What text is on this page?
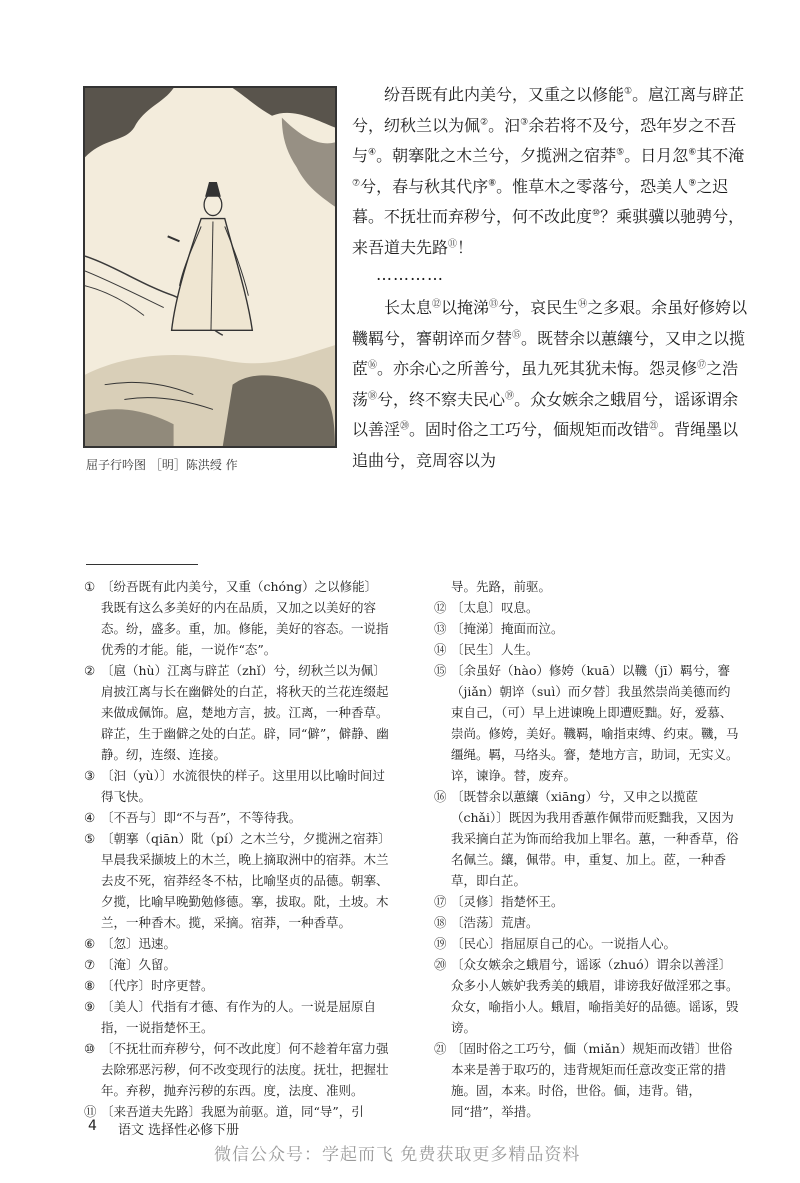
屈子行吟图 ［明］陈洪绶 作

纷吾既有此内美兮，又重之以修能①。扈江离与辟芷兮，纫秋兰以为佩②。汩③余若将不及兮，恐年岁之不吾与④。朝搴阰之木兰兮，夕揽洲之宿莽⑤。日月忽⑥其不淹⑦兮，春与秋其代序⑧。惟草木之零落兮，恐美人⑨之迟暮。不抚壮而弃秽兮，何不改此度⑩？乘骐骥以驰骋兮，来吾道夫先路⑪！

…………

长太息⑫以掩涕⑬兮，哀民生⑭之多艰。余虽好修姱以鞿羁兮，謇朝谇而夕替⑮。既替余以蕙纕兮，又申之以揽茝⑯。亦余心之所善兮，虽九死其犹未悔。怨灵修⑰之浩荡⑱兮，终不察夫民心⑲。众女嫉余之蛾眉兮，谣诼谓余以善淫⑳。固时俗之工巧兮，偭规矩而改错$^㉑$。背绳墨以追曲兮，竞周容以为

① 〔纷吾既有此内美兮，又重（chóng）之以修能〕我既有这么多美好的内在品质，又加之以美好的容态。纷，盛多。重，加。修能，美好的容态。一说指优秀的才能。能，一说作“态”。

② 〔扈（hù）江离与辟芷（zhǐ）兮，纫秋兰以为佩〕肩披江离与长在幽僻处的白芷，将秋天的兰花连缀起来做成佩饰。扈，楚地方言，披。江离，一种香草。辟芷，生于幽僻之处的白芷。辟，同“僻”，僻静、幽静。纫，连缀、连接。

③ 〔汩（yù）〕水流很快的样子。这里用以比喻时间过得飞快。

④ 〔不吾与〕即“不与吾”，不等待我。

⑤ 〔朝搴（qiān）阰（pí）之木兰兮，夕揽洲之宿莽〕早晨我采撷坡上的木兰，晚上摘取洲中的宿莽。木兰去皮不死，宿莽经冬不枯，比喻坚贞的品德。朝搴、夕揽，比喻早晚勤勉修德。搴，拔取。阰，土坡。木兰，一种香木。揽，采摘。宿莽，一种香草。

⑥ 〔忽〕迅速。

⑦ 〔淹〕久留。

⑧ 〔代序〕时序更替。

⑨ 〔美人〕代指有才德、有作为的人。一说是屈原自指，一说指楚怀王。

⑩ 〔不抚壮而弃秽兮，何不改此度〕何不趁着年富力强去除邪恶污秽，何不改变现行的法度。抚壮，把握壮年。弃秽，抛弃污秽的东西。度，法度、准则。

⑪ 〔来吾道夫先路〕我愿为前驱。道，同“导”，引

导。先路，前驱。

⑫ 〔太息〕叹息。

⑬ 〔掩涕〕掩面而泣。

⑭ 〔民生〕人生。

⑮ 〔余虽好（hào）修姱（kuā）以鞿（jī）羁兮，謇（jiǎn）朝谇（suì）而夕替〕我虽然崇尚美德而约束自己，（可）早上进谏晚上即遭贬黜。好，爱慕、崇尚。修姱，美好。鞿羁，喻指束缚、约束。鞿，马缰绳。羁，马络头。謇，楚地方言，助词，无实义。谇，谏诤。替，废弃。

⑯ 〔既替余以蕙纕（xiāng）兮，又申之以揽茝（chǎi）〕既因为我用香蕙作佩带而贬黜我，又因为我采摘白芷为饰而给我加上罪名。蕙，一种香草，俗名佩兰。纕，佩带。申，重复、加上。茝，一种香草，即白芷。

⑰ 〔灵修〕指楚怀王。

⑱ 〔浩荡〕荒唐。

⑲ 〔民心〕指屈原自己的心。一说指人心。

⑳ 〔众女嫉余之蛾眉兮，谣诼（zhuó）谓余以善淫〕众多小人嫉妒我秀美的蛾眉，诽谤我好做淫邪之事。众女，喻指小人。蛾眉，喻指美好的品德。谣诼，毁谤。

㉑ 〔固时俗之工巧兮，偭（miǎn）规矩而改错〕世俗本来是善于取巧的，违背规矩而任意改变正常的措施。固，本来。时俗，世俗。偭，违背。错，同“措”，举措。

4 语文 选择性必修下册
微信公众号：学起而飞 免费获取更多精品资料
